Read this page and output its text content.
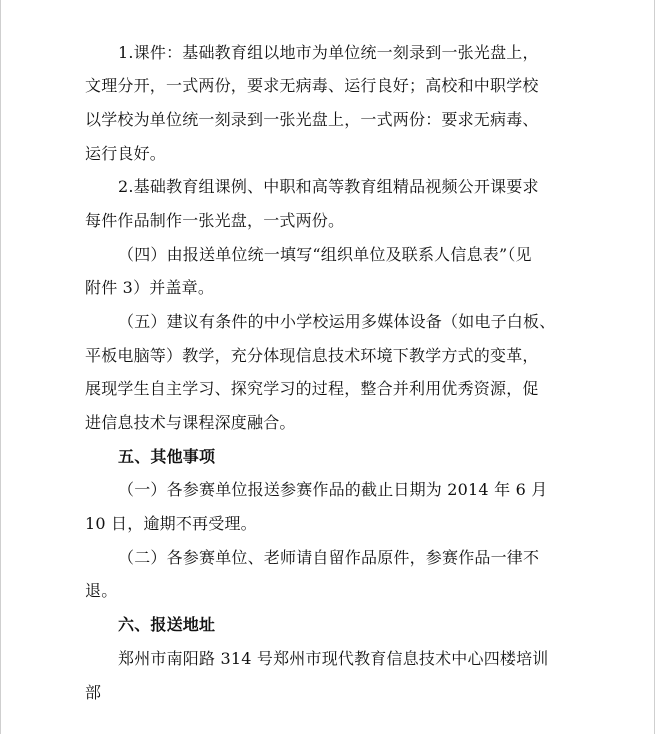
1.课件：基础教育组以地市为单位统一刻录到一张光盘上，
文理分开，一式两份，要求无病毒、运行良好；高校和中职学校
以学校为单位统一刻录到一张光盘上，一式两份：要求无病毒、
运行良好。
2.基础教育组课例、中职和高等教育组精品视频公开课要求
每件作品制作一张光盘，一式两份。
（四）由报送单位统一填写“组织单位及联系人信息表”（见
附件 3）并盖章。
（五）建议有条件的中小学校运用多媒体设备（如电子白板、
平板电脑等）教学，充分体现信息技术环境下教学方式的变革，
展现学生自主学习、探究学习的过程，整合并利用优秀资源，促
进信息技术与课程深度融合。
五、其他事项
（一）各参赛单位报送参赛作品的截止日期为 2014 年 6 月
10 日，逾期不再受理。
（二）各参赛单位、老师请自留作品原件，参赛作品一律不
退。
六、报送地址
郑州市南阳路 314 号郑州市现代教育信息技术中心四楼培训
部
